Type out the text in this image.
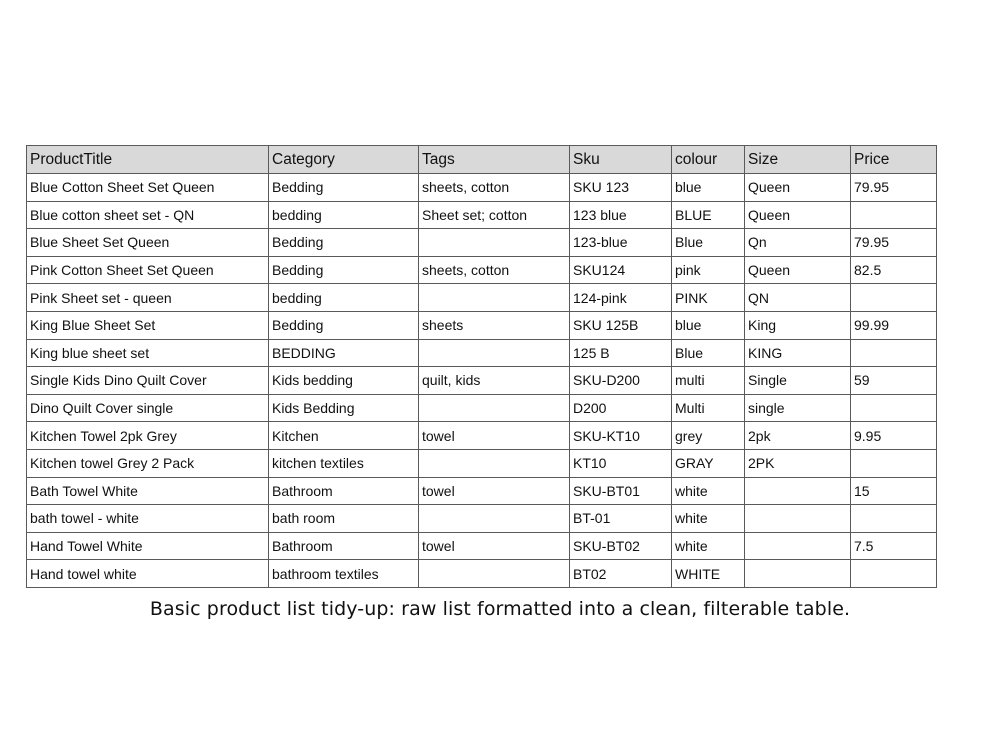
ProductTitle	Category	Tags	Sku	colour	Size	Price
Blue Cotton Sheet Set Queen	Bedding	sheets, cotton	SKU 123	blue	Queen	79.95
Blue cotton sheet set - QN	bedding	Sheet set; cotton	123 blue	BLUE	Queen	
Blue Sheet Set Queen	Bedding		123-blue	Blue	Qn	79.95
Pink Cotton Sheet Set Queen	Bedding	sheets, cotton	SKU124	pink	Queen	82.5
Pink Sheet set - queen	bedding		124-pink	PINK	QN	
King Blue Sheet Set	Bedding	sheets	SKU 125B	blue	King	99.99
King blue sheet set	BEDDING		125 B	Blue	KING	
Single Kids Dino Quilt Cover	Kids bedding	quilt, kids	SKU-D200	multi	Single	59
Dino Quilt Cover single	Kids Bedding		D200	Multi	single	
Kitchen Towel 2pk Grey	Kitchen	towel	SKU-KT10	grey	2pk	9.95
Kitchen towel Grey 2 Pack	kitchen textiles		KT10	GRAY	2PK	
Bath Towel White	Bathroom	towel	SKU-BT01	white		15
bath towel - white	bath room		BT-01	white		
Hand Towel White	Bathroom	towel	SKU-BT02	white		7.5
Hand towel white	bathroom textiles		BT02	WHITE		
Basic product list tidy-up: raw list formatted into a clean, filterable table.
